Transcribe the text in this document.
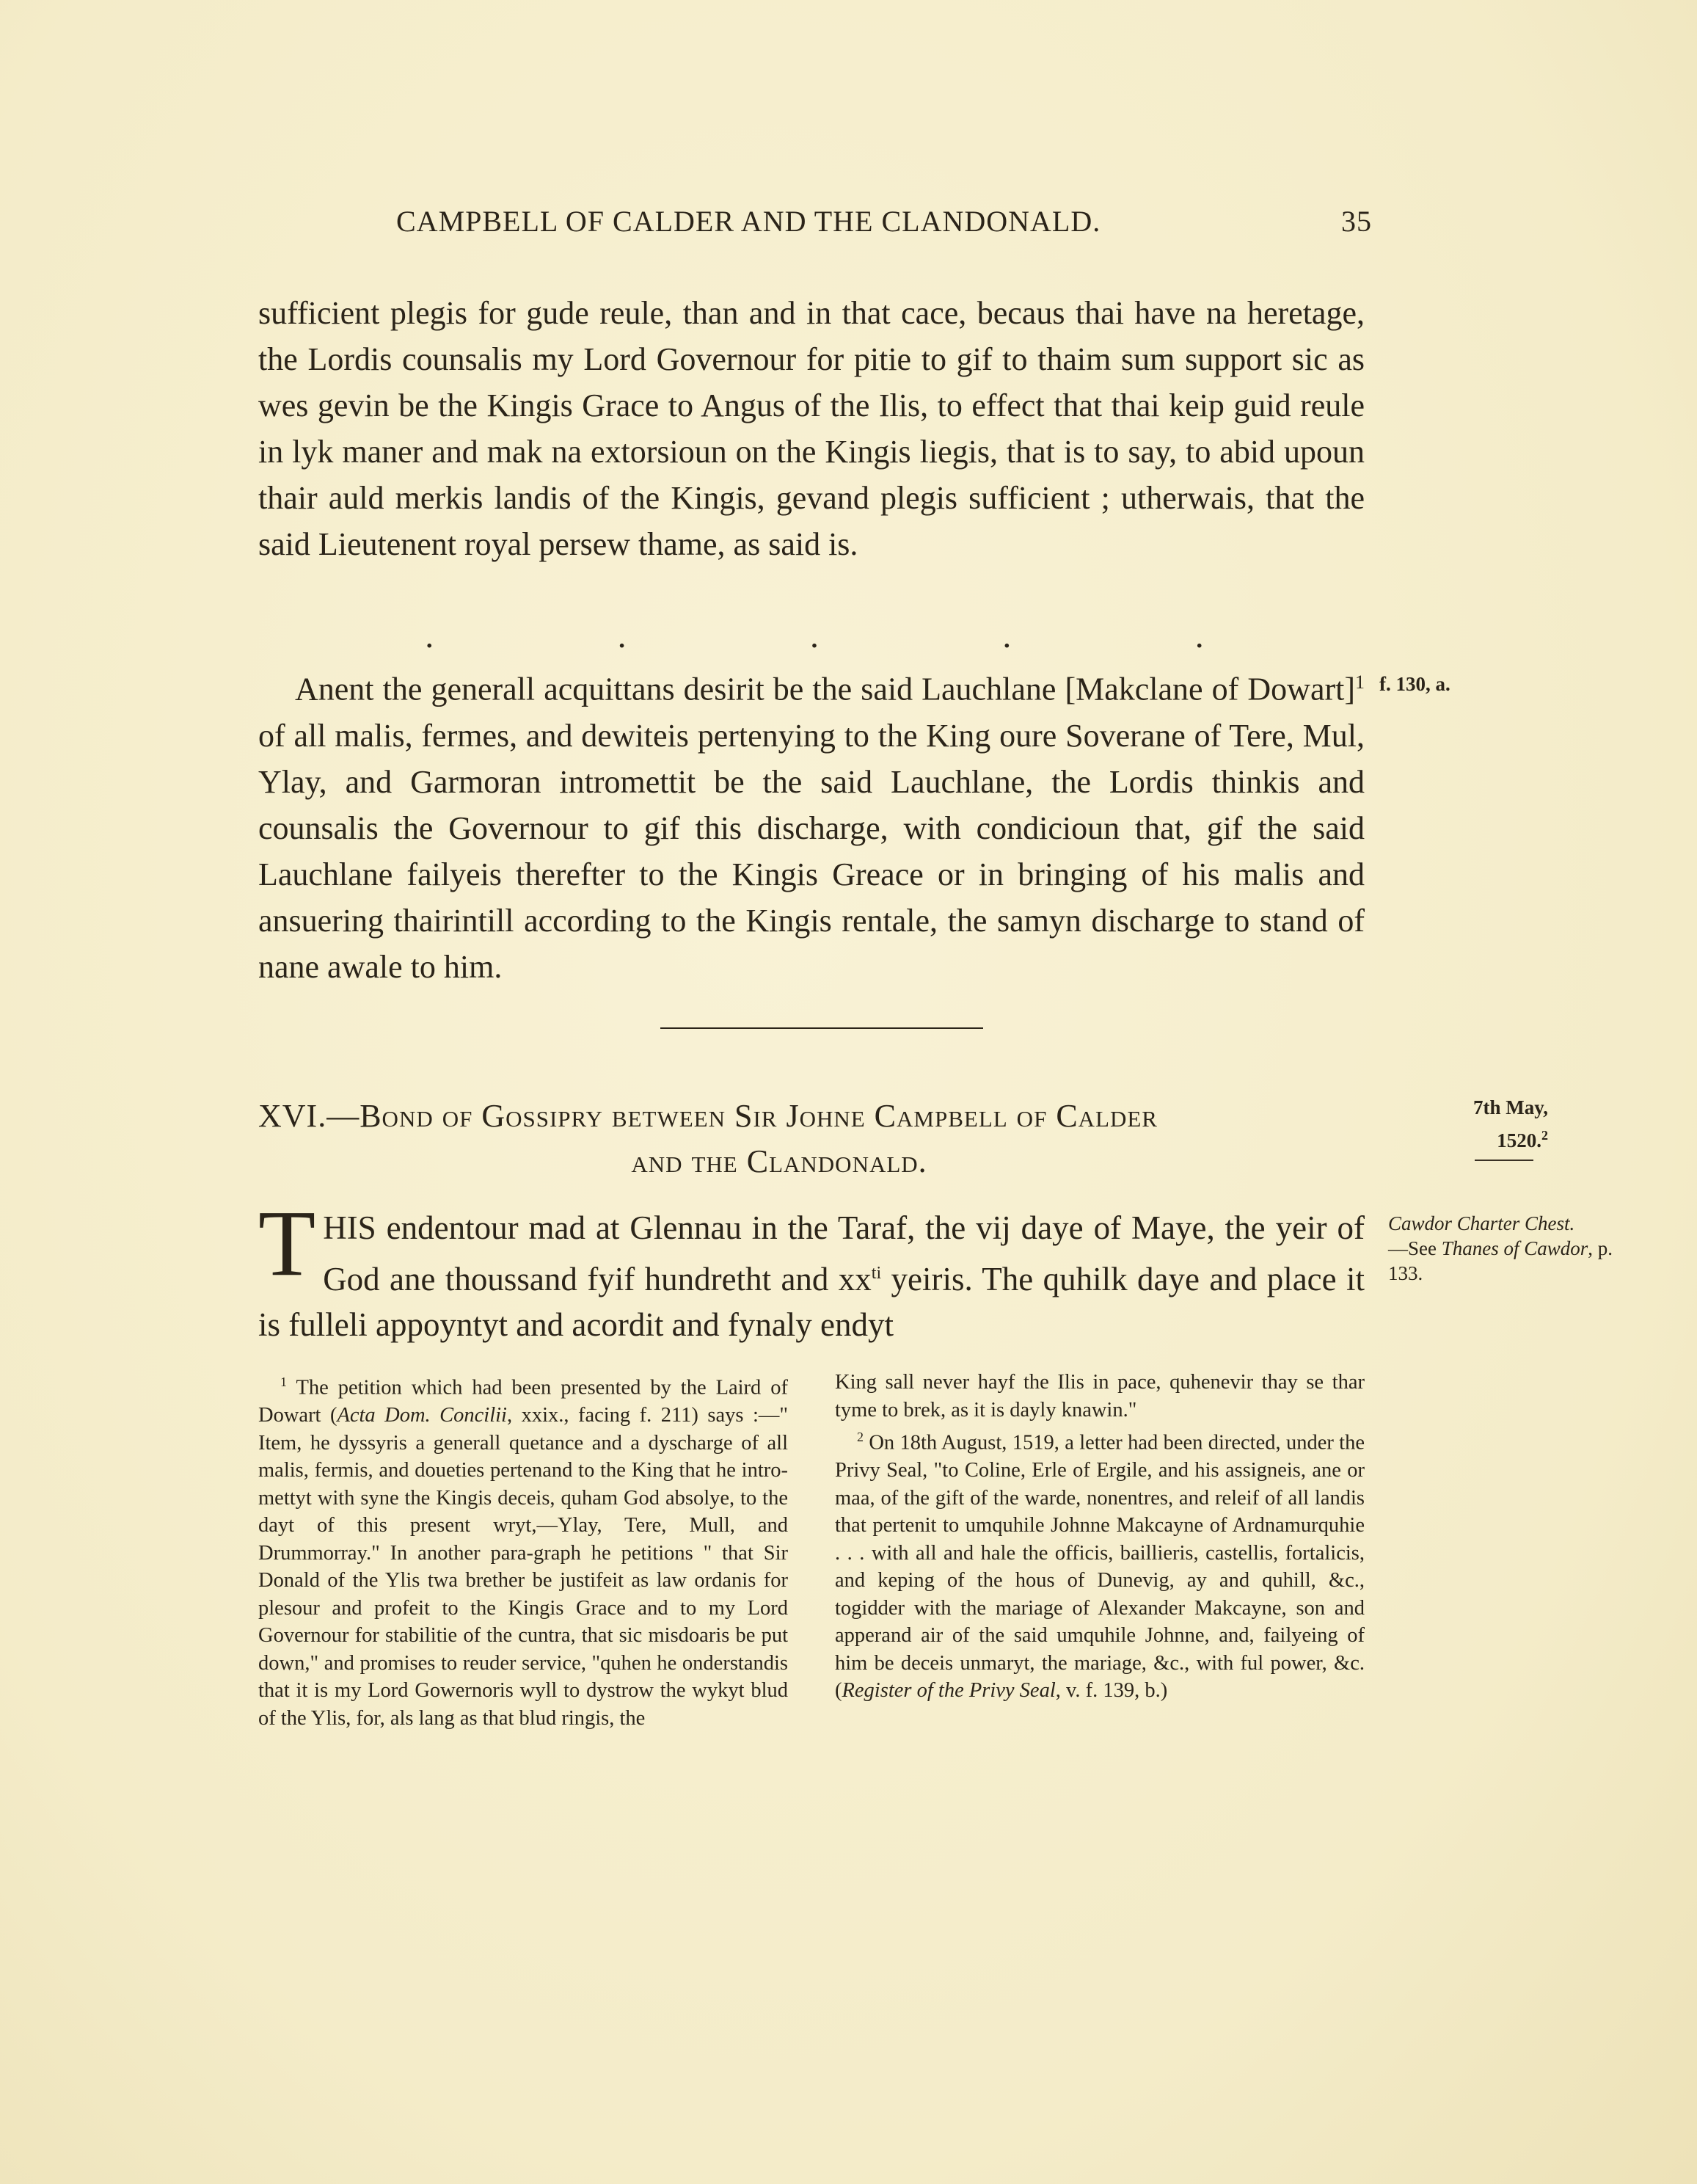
CAMPBELL OF CALDER AND THE CLANDONALD.	35
sufficient plegis for gude reule, than and in that cace, becaus thai have na heretage, the Lordis counsalis my Lord Governour for pitie to gif to thaim sum support sic as wes gevin be the Kingis Grace to Angus of the Ilis, to effect that thai keip guid reule in lyk maner and mak na extorsioun on the Kingis liegis, that is to say, to abid upoun thair auld merkis landis of the Kingis, gevand plegis sufficient ; utherwais, that the said Lieutenent royal persew thame, as said is.
.	.	.	.	.
Anent the generall acquittans desirit be the said Lauchlane [Makclane of Dowart]$^1$ of all malis, fermes, and dewiteis pertenying to the King oure Soverane of Tere, Mul, Ylay, and Garmoran intromettit be the said Lauchlane, the Lordis thinkis and counsalis the Governour to gif this discharge, with condicioun that, gif the said Lauchlane failyeis therefter to the Kingis Greace or in bringing of his malis and ansuering thairintill according to the Kingis rentale, the samyn discharge to stand of nane awale to him.
f. 130, a.
XVI.—Bond of Gossipry between Sir Johne Campbell of Calder
and the Clandonald.
7th May,
1520.$^2$
Cawdor Charter Chest.
—See Thanes of Cawdor, p. 133.
THIS endentour mad at Glennau in the Taraf, the vij daye of Maye, the yeir of God ane thoussand fyif hundretht and $xx^{ti}$ yeiris. The quhilk daye and place it is fulleli appoyntyt and acordit and fynaly endyt

$^1$ The petition which had been presented by the Laird of Dowart (Acta Dom. Concilii, xxix., facing f. 211) says :—" Item, he dyssyris a generall quetance and a dyscharge of all malis, fermis, and doueties pertenand to the King that he intro-mettyt with syne the Kingis deceis, quham God absolye, to the dayt of this present wryt,—Ylay, Tere, Mull, and Drummorray." In another para-graph he petitions " that Sir Donald of the Ylis twa brether be justifeit as law ordanis for plesour and profeit to the Kingis Grace and to my Lord Governour for stabilitie of the cuntra, that sic misdoaris be put down," and promises to reuder service, "quhen he onderstandis that it is my Lord Gowernoris wyll to dystrow the wykyt blud of the Ylis, for, als lang as that blud ringis, the

King sall never hayf the Ilis in pace, quhenevir thay se thar tyme to brek, as it is dayly knawin."

$^2$ On 18th August, 1519, a letter had been directed, under the Privy Seal, "to Coline, Erle of Ergile, and his assigneis, ane or maa, of the gift of the warde, nonentres, and releif of all landis that pertenit to umquhile Johnne Makcayne of Ardnamurquhie . . . with all and hale the officis, baillieris, castellis, fortalicis, and keping of the hous of Dunevig, ay and quhill, &c., togidder with the mariage of Alexander Makcayne, son and apperand air of the said umquhile Johnne, and, failyeing of him be deceis unmaryt, the mariage, &c., with ful power, &c. (Register of the Privy Seal, v. f. 139, b.)
